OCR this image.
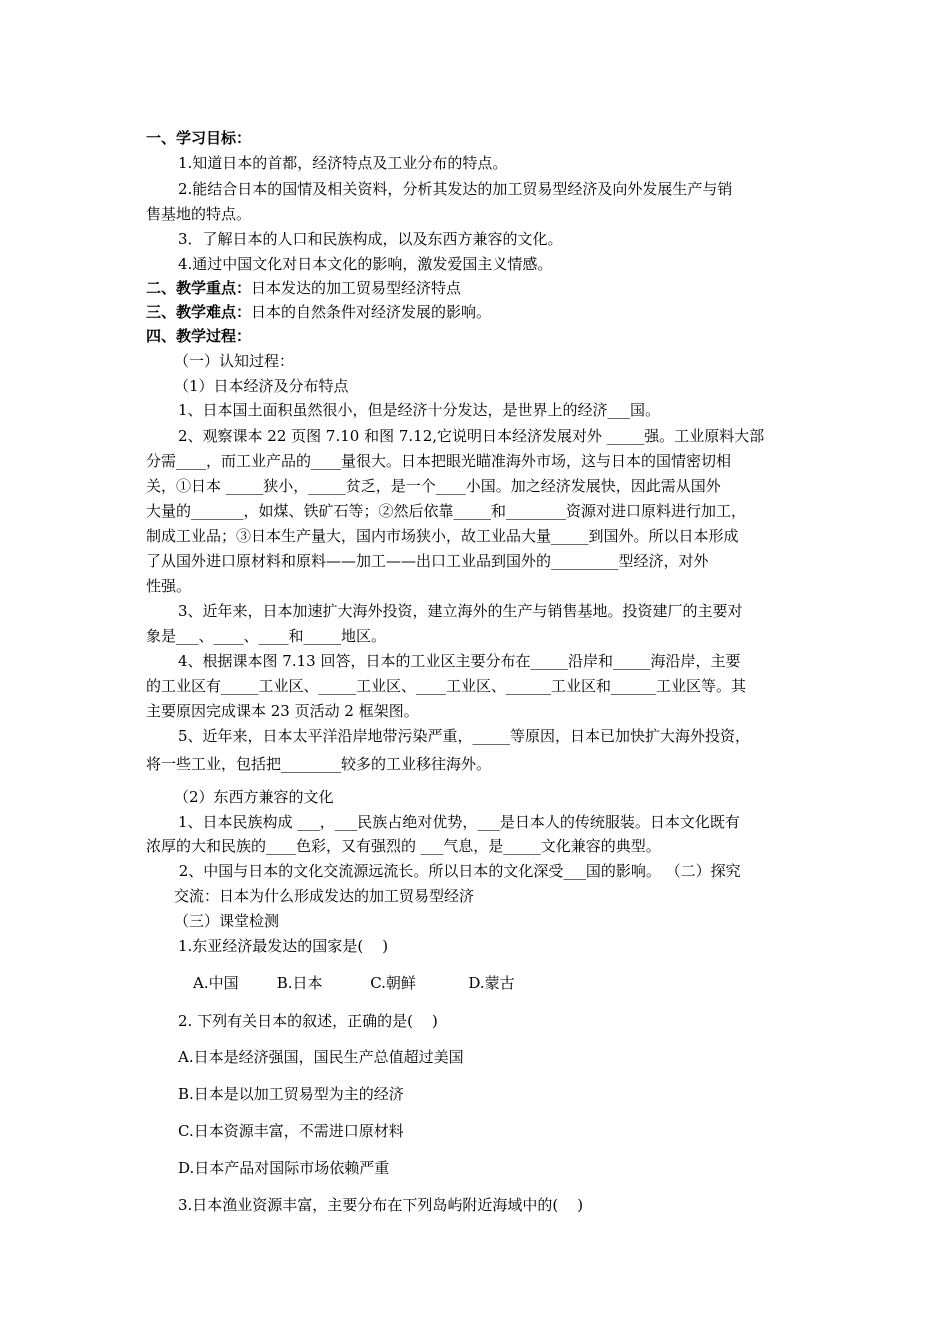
一、学习目标：
1.知道日本的首都，经济特点及工业分布的特点。
2.能结合日本的国情及相关资料，分析其发达的加工贸易型经济及向外发展生产与销
售基地的特点。
3．了解日本的人口和民族构成，以及东西方兼容的文化。
4.通过中国文化对日本文化的影响，激发爱国主义情感。
二、教学重点：日本发达的加工贸易型经济特点
三、教学难点：日本的自然条件对经济发展的影响。
四、教学过程：
（一）认知过程：
（1）日本经济及分布特点
1、日本国土面积虽然很小，但是经济十分发达，是世界上的经济___国。
2、观察课本 22 页图 7.10 和图 7.12,它说明日本经济发展对外 _____强。工业原料大部
分需____，而工业产品的____量很大。日本把眼光瞄准海外市场，这与日本的国情密切相
关，①日本 _____狭小，_____贫乏，是一个____小国。加之经济发展快，因此需从国外
大量的_______，如煤、铁矿石等；②然后依靠_____和________资源对进口原料进行加工，
制成工业品；③日本生产量大，国内市场狭小，故工业品大量_____到国外。所以日本形成
了从国外进口原材料和原料——加工——出口工业品到国外的_________型经济，对外
性强。
3、近年来，日本加速扩大海外投资，建立海外的生产与销售基地。投资建厂的主要对
象是___、____、____和_____地区。
4、根据课本图 7.13 回答，日本的工业区主要分布在_____沿岸和_____海沿岸，主要
的工业区有_____工业区、_____工业区、____工业区、______工业区和______工业区等。其
主要原因完成课本 23 页活动 2 框架图。
5、近年来，日本太平洋沿岸地带污染严重，_____等原因，日本已加快扩大海外投资，
将一些工业，包括把________较多的工业移往海外。
（2）东西方兼容的文化
1、日本民族构成 ___，___民族占绝对优势，___是日本人的传统服装。日本文化既有
浓厚的大和民族的____色彩，又有强烈的 ___气息，是_____文化兼容的典型。
2、中国与日本的文化交流源远流长。所以日本的文化深受___国的影响。 （二）探究
交流：日本为什么形成发达的加工贸易型经济
（三）课堂检测
1.东亚经济最发达的国家是(    )
A.中国        B.日本          C.朝鲜           D.蒙古
2. 下列有关日本的叙述，正确的是(    )
A.日本是经济强国，国民生产总值超过美国
B.日本是以加工贸易型为主的经济
C.日本资源丰富，不需进口原材料
D.日本产品对国际市场依赖严重
3.日本渔业资源丰富，主要分布在下列岛屿附近海域中的(    )
